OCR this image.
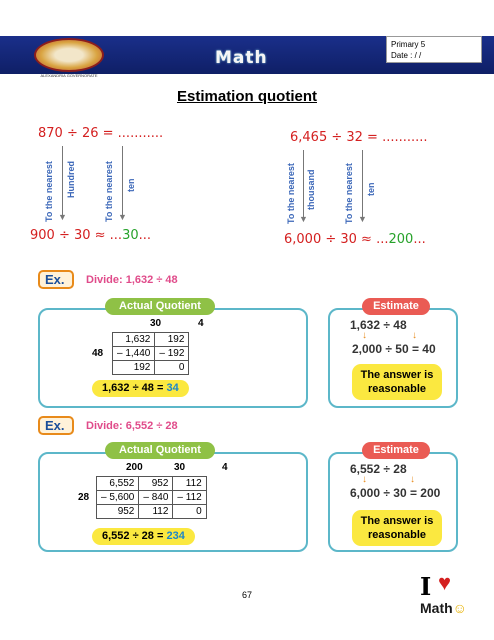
ALEXANDRIA GOVERNORATE
Math
Primary 5
Date : / /
Estimation quotient
870 ÷ 26 = ...........
To the nearest Hundred
▼	To the nearest ten
▼
900 ÷ 30 ≈ ...30...
6,465 ÷ 32 = ...........
To the nearest thousand
▼	To the nearest ten
▼
6,000 ÷ 30 ≈ ...200...
Ex.	Divide: 1,632 ÷ 48
Actual Quotient
30	4
48
1,632	192
– 1,440	– 192
192	0
1,632 ÷ 48 = 34
Estimate
1,632 ÷ 48
↓	↓
2,000 ÷ 50 = 40
The answer is reasonable
Ex.	Divide: 6,552 ÷ 28
Actual Quotient
200	30	4
28
6,552	952	112
– 5,600	– 840	– 112
952	112	0
6,552 ÷ 28 = 234
Estimate
6,552 ÷ 28
↓	↓
6,000 ÷ 30 = 200
The answer is reasonable
67	I ♥
Math☺
